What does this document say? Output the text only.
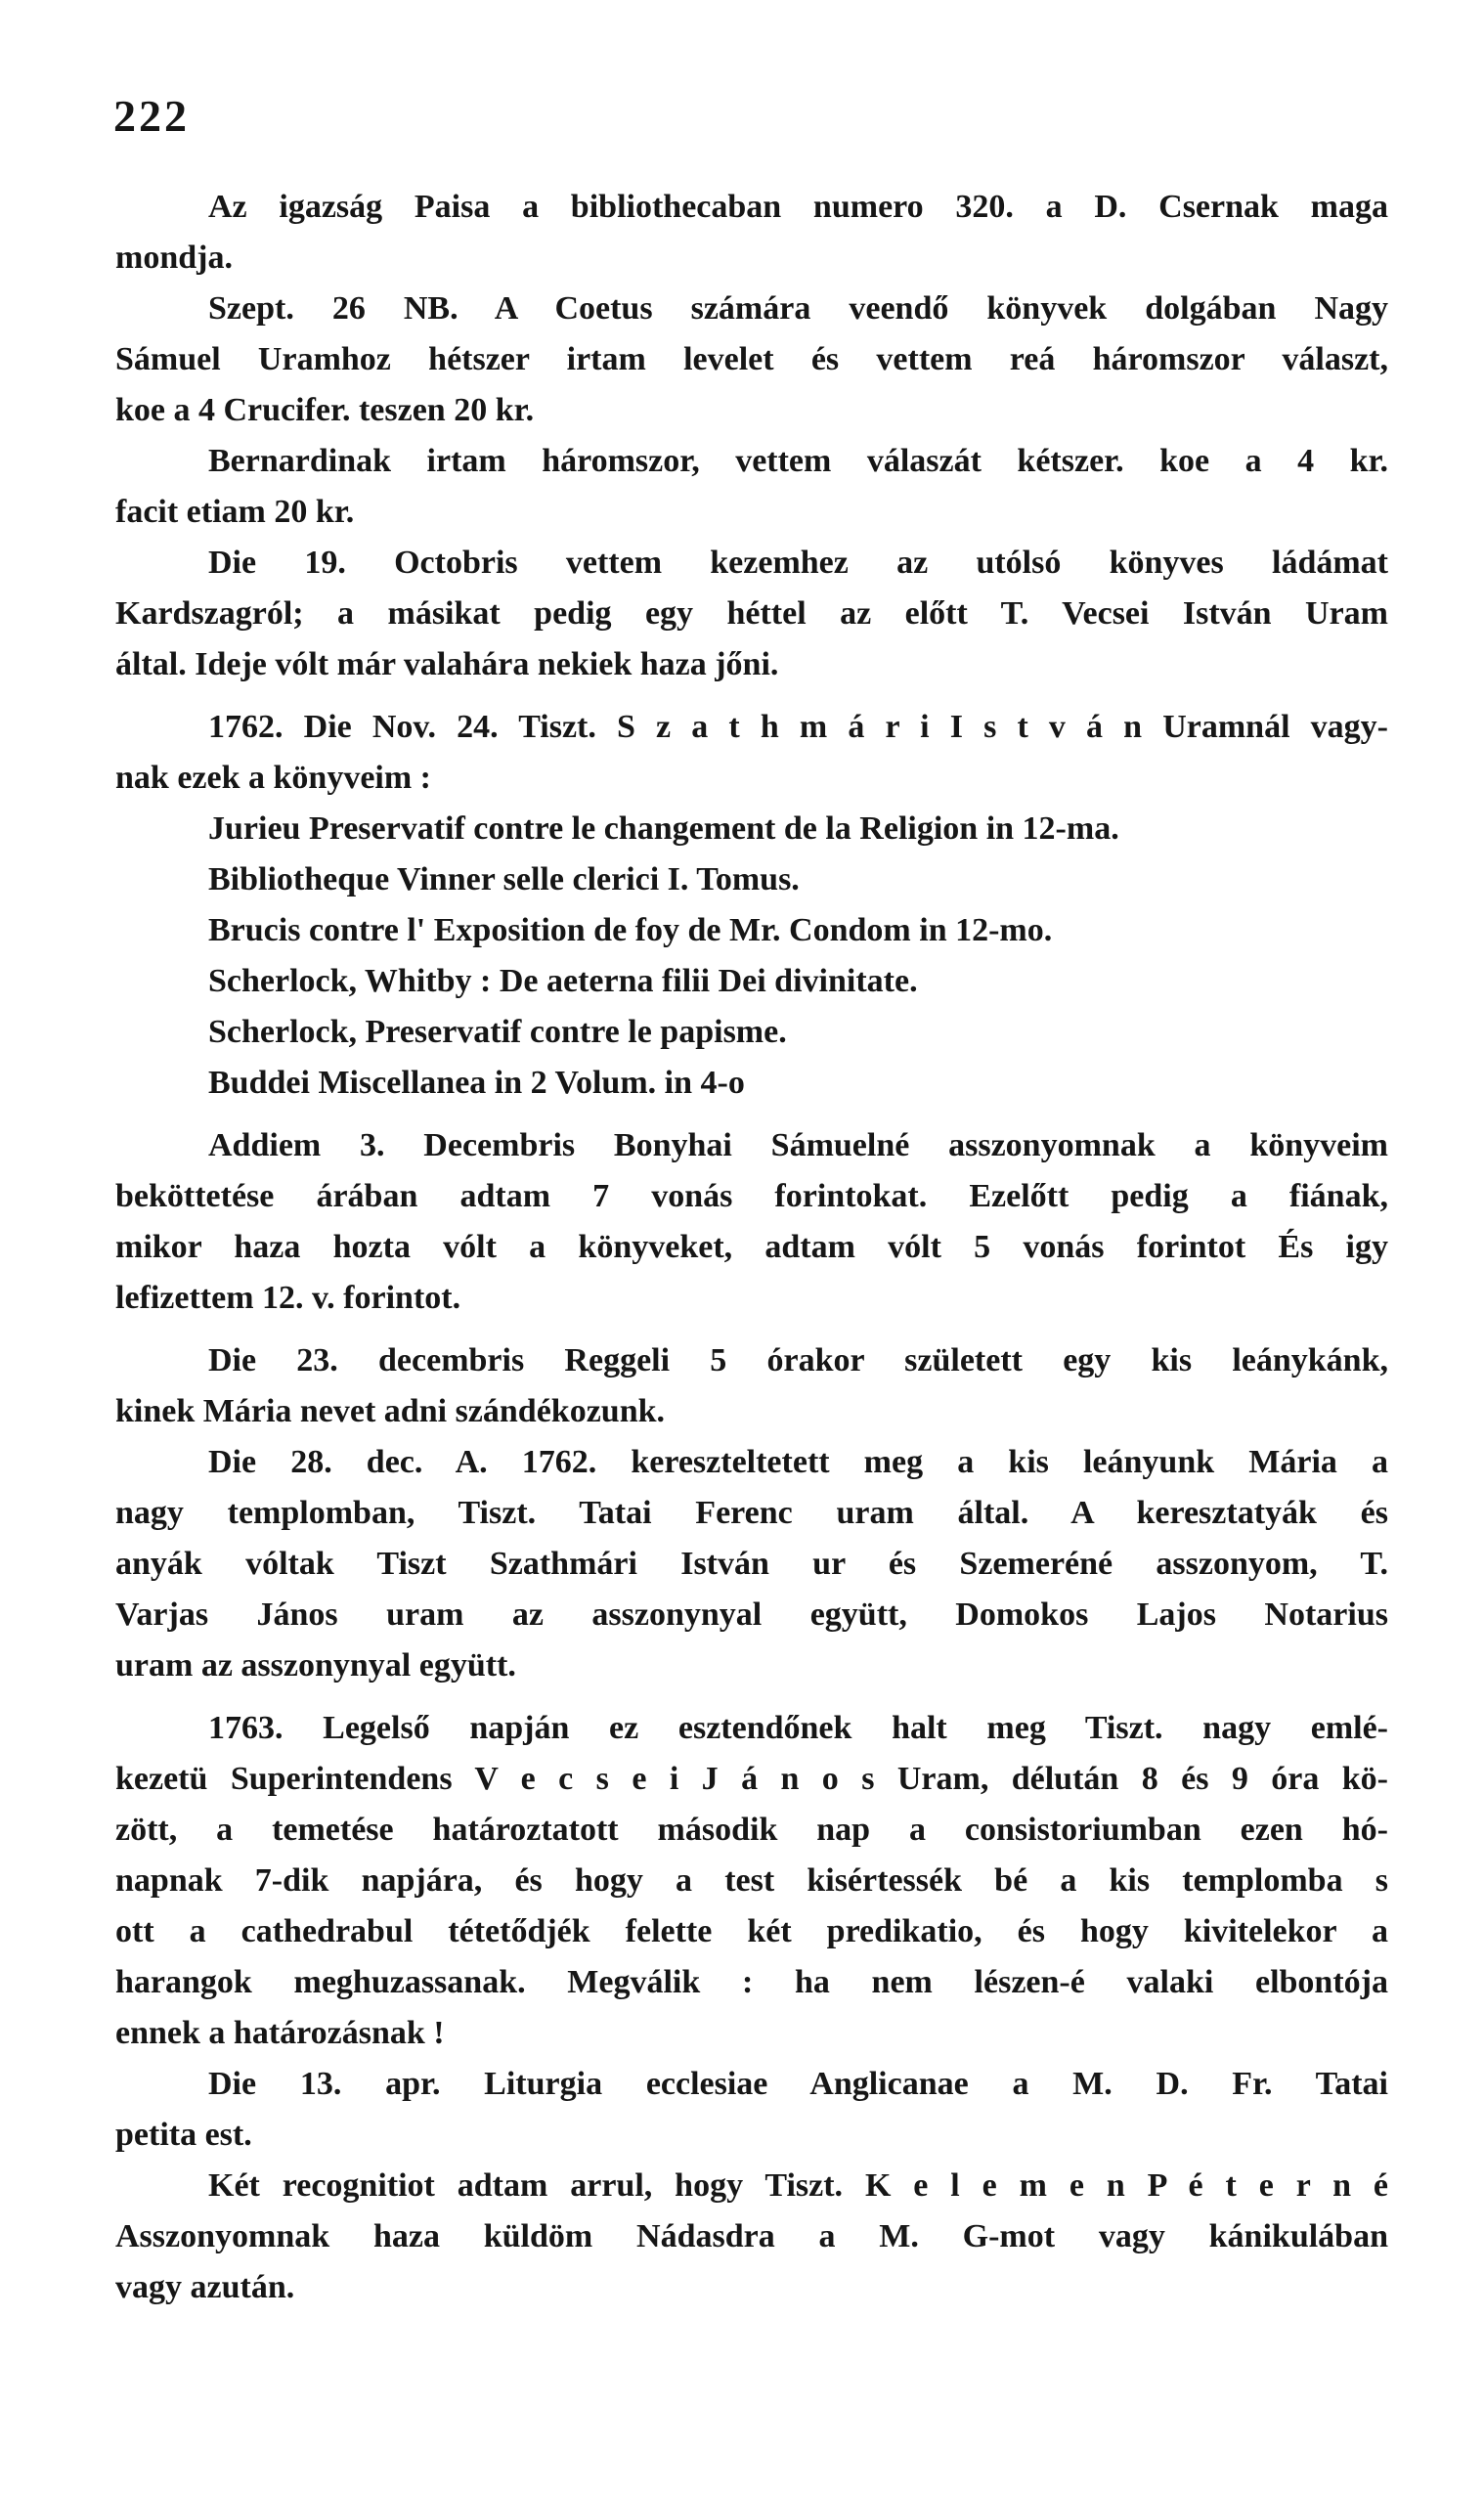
222
Az igazság Paisa a bibliothecaban numero 320. a D. Csernak maga
mondja.
Szept. 26 NB. A Coetus számára veendő könyvek dolgában Nagy
Sámuel Uramhoz hétszer irtam levelet és vettem reá háromszor választ,
koe a 4 Crucifer. teszen 20 kr.
Bernardinak irtam háromszor, vettem válaszát kétszer. koe a 4 kr.
facit etiam 20 kr.
Die 19. Octobris vettem kezemhez az utólsó könyves ládámat
Kardszagról; a másikat pedig egy héttel az előtt T. Vecsei István Uram
által. Ideje vólt már valahára nekiek haza jőni.
1762. Die Nov. 24. Tiszt. S z a t h m á r i I s t v á n Uramnál vagy-
nak ezek a könyveim :
Jurieu Preservatif contre le changement de la Religion in 12-ma.
Bibliotheque Vinner selle clerici I. Tomus.
Brucis contre l' Exposition de foy de Mr. Condom in 12-mo.
Scherlock, Whitby : De aeterna filii Dei divinitate.
Scherlock, Preservatif contre le papisme.
Buddei Miscellanea in 2 Volum. in 4-o
Addiem 3. Decembris Bonyhai Sámuelné asszonyomnak a könyveim
beköttetése árában adtam 7 vonás forintokat. Ezelőtt pedig a fiának,
mikor haza hozta vólt a könyveket, adtam vólt 5 vonás forintot És igy
lefizettem 12. v. forintot.
Die 23. decembris Reggeli 5 órakor született egy kis leánykánk,
kinek Mária nevet adni szándékozunk.
Die 28. dec. A. 1762. kereszteltetett meg a kis leányunk Mária a
nagy templomban, Tiszt. Tatai Ferenc uram által. A keresztatyák és
anyák vóltak Tiszt Szathmári István ur és Szemeréné asszonyom, T.
Varjas János uram az asszonynyal együtt, Domokos Lajos Notarius
uram az asszonynyal együtt.
1763. Legelső napján ez esztendőnek halt meg Tiszt. nagy emlé-
kezetü Superintendens V e c s e i J á n o s Uram, délután 8 és 9 óra kö-
zött, a temetése határoztatott második nap a consistoriumban ezen hó-
napnak 7-dik napjára, és hogy a test kisértessék bé a kis templomba s
ott a cathedrabul tétetődjék felette két predikatio, és hogy kivitelekor a
harangok meghuzassanak. Megválik : ha nem lészen-é valaki elbontója
ennek a határozásnak !
Die 13. apr. Liturgia ecclesiae Anglicanae a M. D. Fr. Tatai
petita est.
Két recognitiot adtam arrul, hogy Tiszt. K e l e m e n P é t e r n é
Asszonyomnak haza küldöm Nádasdra a M. G-mot vagy kánikulában
vagy azután.
